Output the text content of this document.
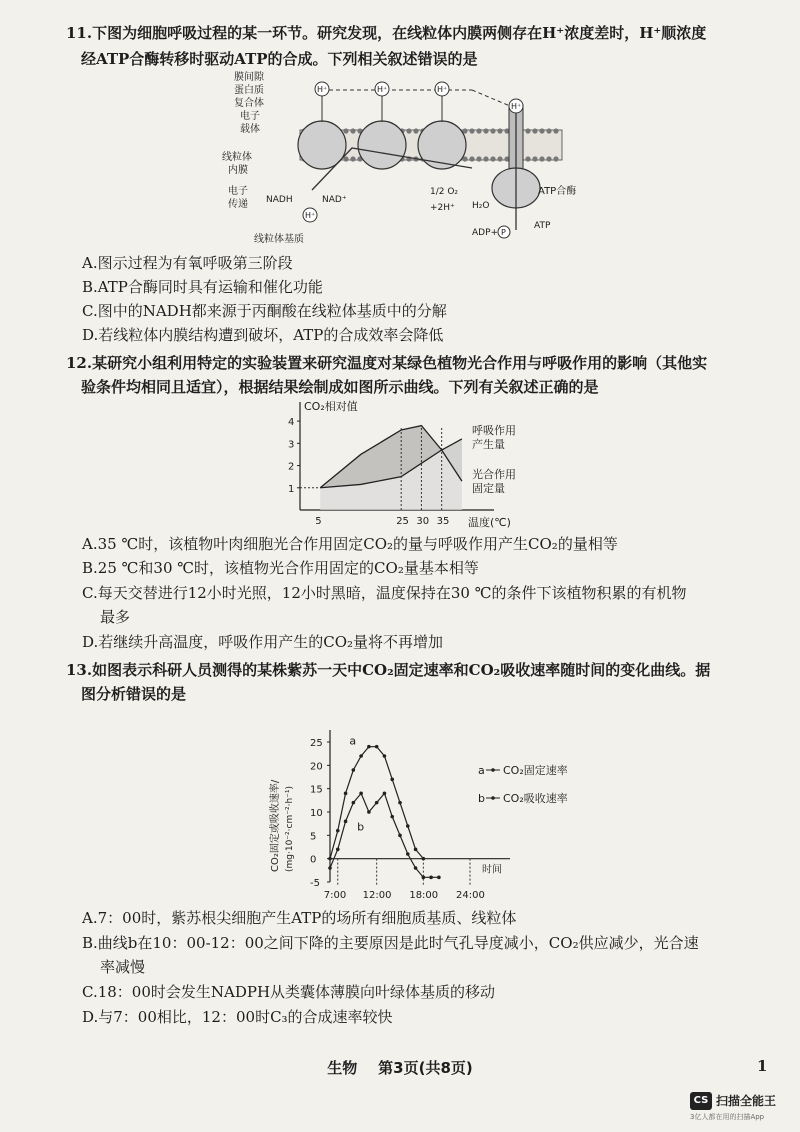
11.下图为细胞呼吸过程的某一环节。研究发现，在线粒体内膜两侧存在H⁺浓度差时，H⁺顺浓度
经ATP合酶转移时驱动ATP的合成。下列相关叙述错误的是
H⁺	H⁺	H⁺
H⁺
H⁺
膜间隙
蛋白质
复合体
电子
载体
线粒体
内膜
电子
传递
线粒体基质
NADH	NAD⁺
1/2 O₂
+2H⁺ H₂O
ATP合酶
ADP+ P
ATP
A.图示过程为有氧呼吸第三阶段
B.ATP合酶同时具有运输和催化功能
C.图中的NADH都来源于丙酮酸在线粒体基质中的分解
D.若线粒体内膜结构遭到破坏，ATP的合成效率会降低
12.某研究小组利用特定的实验装置来研究温度对某绿色植物光合作用与呼吸作用的影响（其他实
验条件均相同且适宜），根据结果绘制成如图所示曲线。下列有关叙述正确的是
CO₂相对值
温度(℃)
1
2
3
4
5	25 30 35
呼吸作用
产生量
光合作用
固定量
A.35 ℃时，该植物叶肉细胞光合作用固定CO₂的量与呼吸作用产生CO₂的量相等
B.25 ℃和30 ℃时，该植物光合作用固定的CO₂量基本相等
C.每天交替进行12小时光照，12小时黑暗，温度保持在30 ℃的条件下该植物积累的有机物
最多
D.若继续升高温度，呼吸作用产生的CO₂量将不再增加
13.如图表示科研人员测得的某株紫苏一天中CO₂固定速率和CO₂吸收速率随时间的变化曲线。据
图分析错误的是
CO₂固定或吸收速率/ (mg·10⁻²·cm⁻²·h⁻¹)
25
20
15
10
5
0
-5
时间
7:00 12:00 18:00 24:00
a
b
a CO₂固定速率
b CO₂吸收速率
A.7：00时，紫苏根尖细胞产生ATP的场所有细胞质基质、线粒体
B.曲线b在10：00-12：00之间下降的主要原因是此时气孔导度减小，CO₂供应减少，光合速
率减慢
C.18：00时会发生NADPH从类囊体薄膜向叶绿体基质的移动
D.与7：00相比，12：00时C₃的合成速率较快
生物 第3页(共8页)	1
CS 扫描全能王
3亿人都在用的扫描App
